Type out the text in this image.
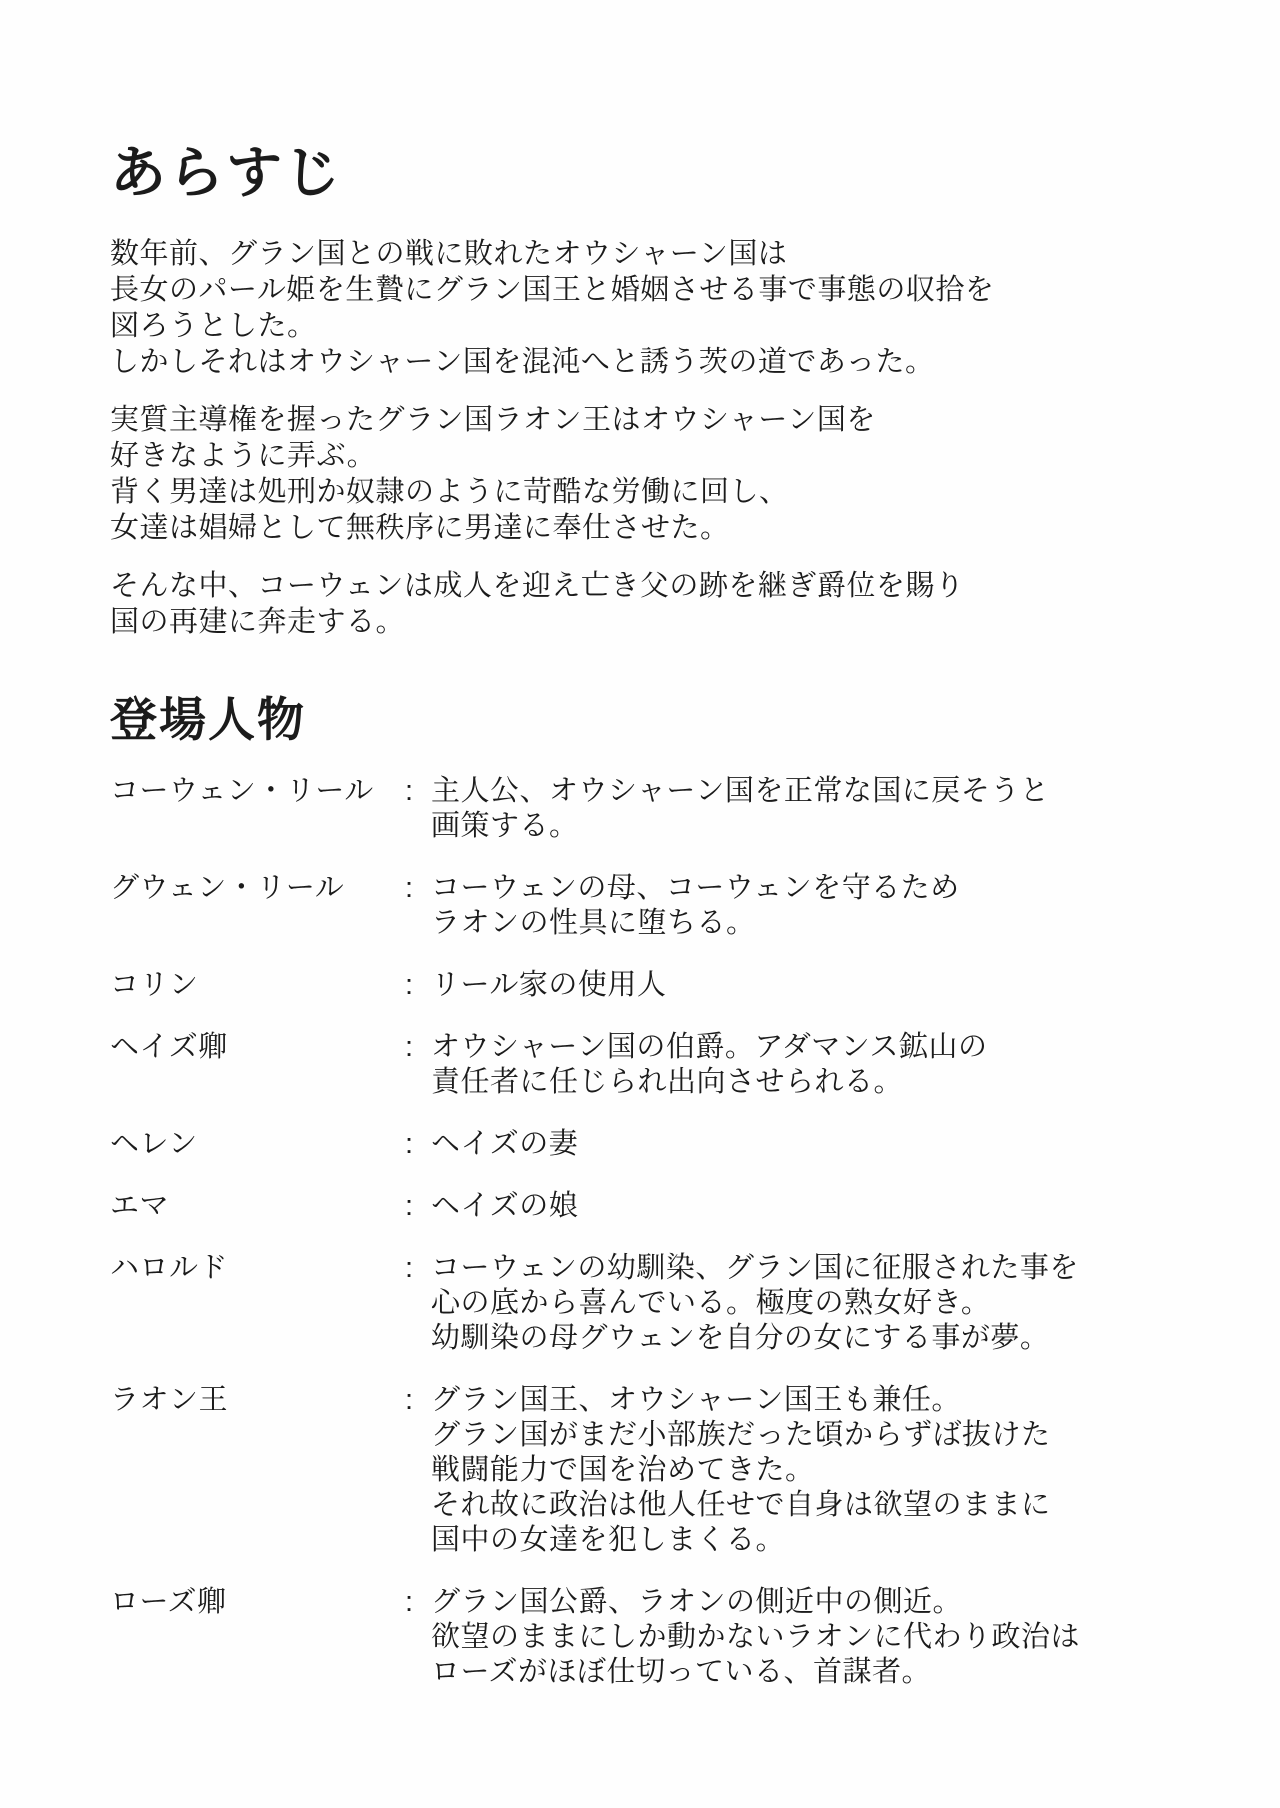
あらすじ
数年前、グラン国との戦に敗れたオウシャーン国は
長女のパール姫を生贄にグラン国王と婚姻させる事で事態の収拾を
図ろうとした。
しかしそれはオウシャーン国を混沌へと誘う茨の道であった。
実質主導権を握ったグラン国ラオン王はオウシャーン国を
好きなように弄ぶ。
背く男達は処刑か奴隷のように苛酷な労働に回し、
女達は娼婦として無秩序に男達に奉仕させた。
そんな中、コーウェンは成人を迎え亡き父の跡を継ぎ爵位を賜り
国の再建に奔走する。
登場人物
コーウェン・リール	: 主人公、オウシャーン国を正常な国に戻そうと
画策する。
グウェン・リール	: コーウェンの母、コーウェンを守るため
ラオンの性具に堕ちる。
コリン	: リール家の使用人
ヘイズ卿	: オウシャーン国の伯爵。アダマンス鉱山の
責任者に任じられ出向させられる。
ヘレン	: ヘイズの妻
エマ	: ヘイズの娘
ハロルド	: コーウェンの幼馴染、グラン国に征服された事を
心の底から喜んでいる。極度の熟女好き。
幼馴染の母グウェンを自分の女にする事が夢。
ラオン王	: グラン国王、オウシャーン国王も兼任。
グラン国がまだ小部族だった頃からずば抜けた
戦闘能力で国を治めてきた。
それ故に政治は他人任せで自身は欲望のままに
国中の女達を犯しまくる。
ローズ卿	: グラン国公爵、ラオンの側近中の側近。
欲望のままにしか動かないラオンに代わり政治は
ローズがほぼ仕切っている、首謀者。
